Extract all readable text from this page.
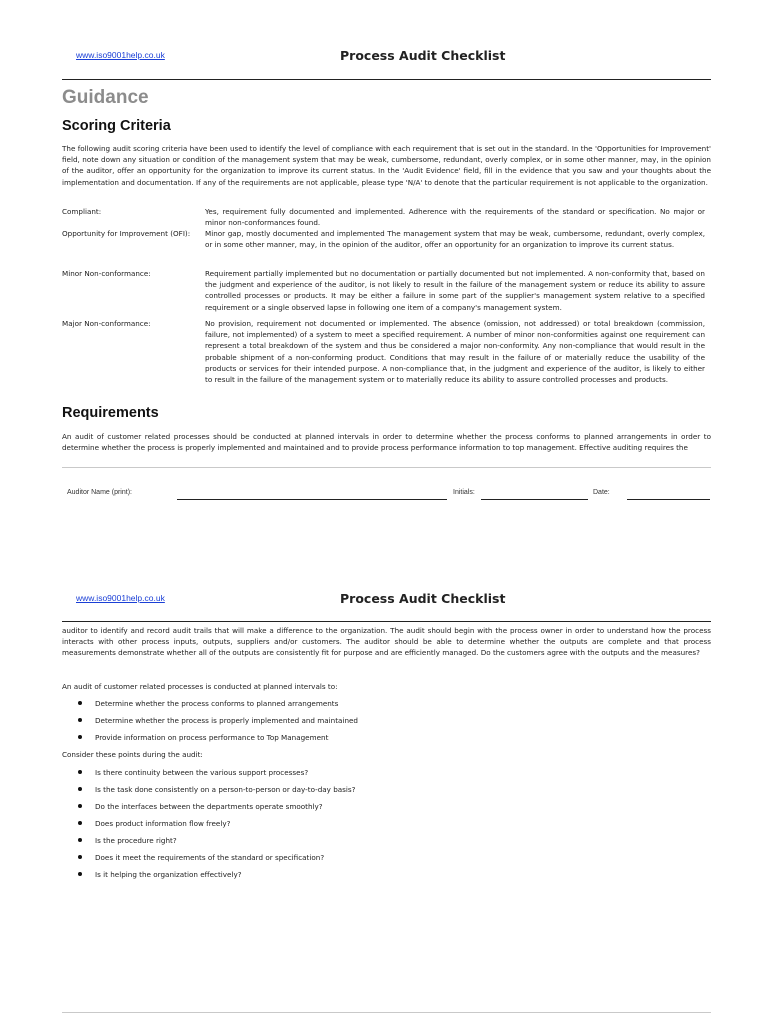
www.iso9001help.co.uk	Process Audit Checklist
Guidance
Scoring Criteria
The following audit scoring criteria have been used to identify the level of compliance with each requirement that is set out in the standard. In the 'Opportunities for Improvement' field, note down any situation or condition of the management system that may be weak, cumbersome, redundant, overly complex, or in some other manner, may, in the opinion of the auditor, offer an opportunity for the organization to improve its current status. In the 'Audit Evidence' field, fill in the evidence that you saw and your thoughts about the implementation and documentation. If any of the requirements are not applicable, please type 'N/A' to denote that the particular requirement is not applicable to the organization.
Compliant:	Yes, requirement fully documented and implemented. Adherence with the requirements of the standard or specification. No major or minor non-conformances found.
Opportunity for Improvement (OFI):	Minor gap, mostly documented and implemented The management system that may be weak, cumbersome, redundant, overly complex, or in some other manner, may, in the opinion of the auditor, offer an opportunity for an organization to improve its current status.
Minor Non-conformance:	Requirement partially implemented but no documentation or partially documented but not implemented. A non-conformity that, based on the judgment and experience of the auditor, is not likely to result in the failure of the management system or reduce its ability to assure controlled processes or products. It may be either a failure in some part of the supplier's management system relative to a specified requirement or a single observed lapse in following one item of a company's management system.
Major Non-conformance:	No provision, requirement not documented or implemented. The absence (omission, not addressed) or total breakdown (commission, failure, not implemented) of a system to meet a specified requirement. A number of minor non-conformities against one requirement can represent a total breakdown of the system and thus be considered a major non-conformity. Any non-compliance that would result in the probable shipment of a non-conforming product. Conditions that may result in the failure of or materially reduce the usability of the products or services for their intended purpose. A non-compliance that, in the judgment and experience of the auditor, is likely to either to result in the failure of the management system or to materially reduce its ability to assure controlled processes and products.
Requirements
An audit of customer related processes should be conducted at planned intervals in order to determine whether the process conforms to planned arrangements in order to determine whether the process is properly implemented and maintained and to provide process performance information to top management. Effective auditing requires the
Auditor Name (print):	Initials:	Date:
www.iso9001help.co.uk	Process Audit Checklist
auditor to identify and record audit trails that will make a difference to the organization. The audit should begin with the process owner in order to understand how the process interacts with other process inputs, outputs, suppliers and/or customers. The auditor should be able to determine whether the outputs are complete and that process measurements demonstrate whether all of the outputs are consistently fit for purpose and are efficiently managed. Do the customers agree with the outputs and the measures?
An audit of customer related processes is conducted at planned intervals to:
Determine whether the process conforms to planned arrangements
Determine whether the process is properly implemented and maintained
Provide information on process performance to Top Management
Consider these points during the audit:
Is there continuity between the various support processes?
Is the task done consistently on a person-to-person or day-to-day basis?
Do the interfaces between the departments operate smoothly?
Does product information flow freely?
Is the procedure right?
Does it meet the requirements of the standard or specification?
Is it helping the organization effectively?
